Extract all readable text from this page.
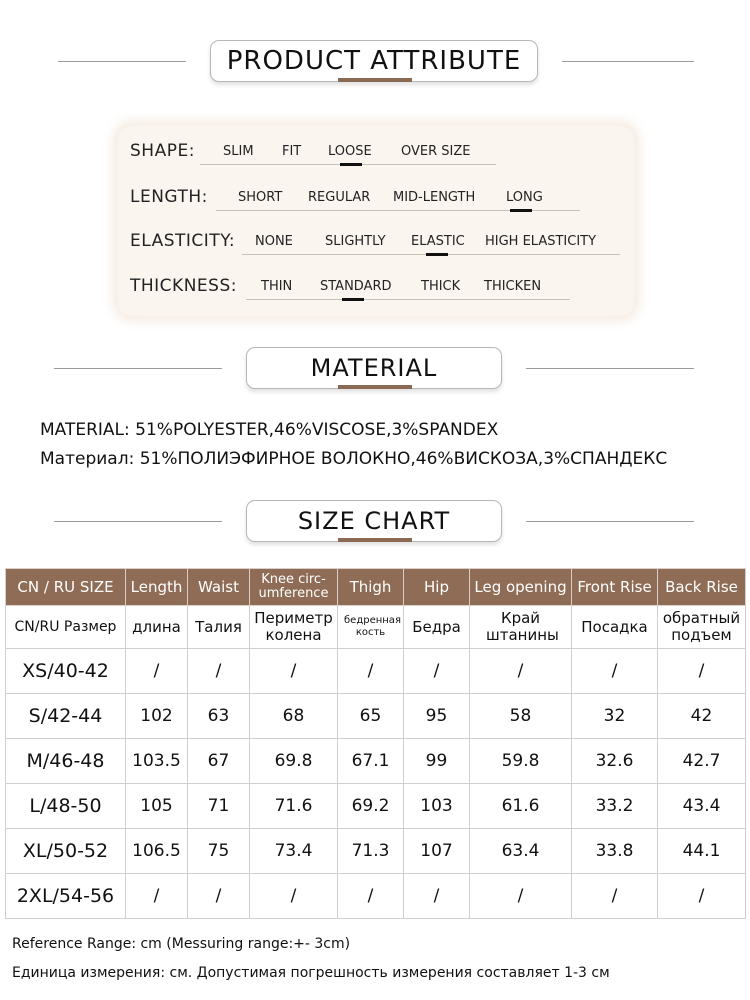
PRODUCT ATTRIBUTE
SHAPE: SLIM FIT LOOSE OVER SIZE
LENGTH: SHORT REGULAR MID-LENGTH LONG
ELASTICITY: NONE SLIGHTLY ELASTIC HIGH ELASTICITY
THICKNESS: THIN STANDARD THICK THICKEN
MATERIAL
MATERIAL: 51%POLYESTER,46%VISCOSE,3%SPANDEX
Материал: 51%ПОЛИЭФИРНОЕ ВОЛОКНО,46%ВИСКОЗА,3%СПАНДЕКС
SIZE CHART
CN / RU SIZE	Length	Waist	Knee circ-umference	Thigh	Hip	Leg opening	Front Rise	Back Rise
CN/RU Размер	длина	Талия	Периметр колена	бедренная кость	Бедра	Край штанины	Посадка	обратный подъем
XS/40-42	/	/	/	/	/	/	/	/
S/42-44	102	63	68	65	95	58	32	42
M/46-48	103.5	67	69.8	67.1	99	59.8	32.6	42.7
L/48-50	105	71	71.6	69.2	103	61.6	33.2	43.4
XL/50-52	106.5	75	73.4	71.3	107	63.4	33.8	44.1
2XL/54-56	/	/	/	/	/	/	/	/
Reference Range: cm (Messuring range:+- 3cm)
Единица измерения: см. Допустимая погрешность измерения составляет 1-3 см
